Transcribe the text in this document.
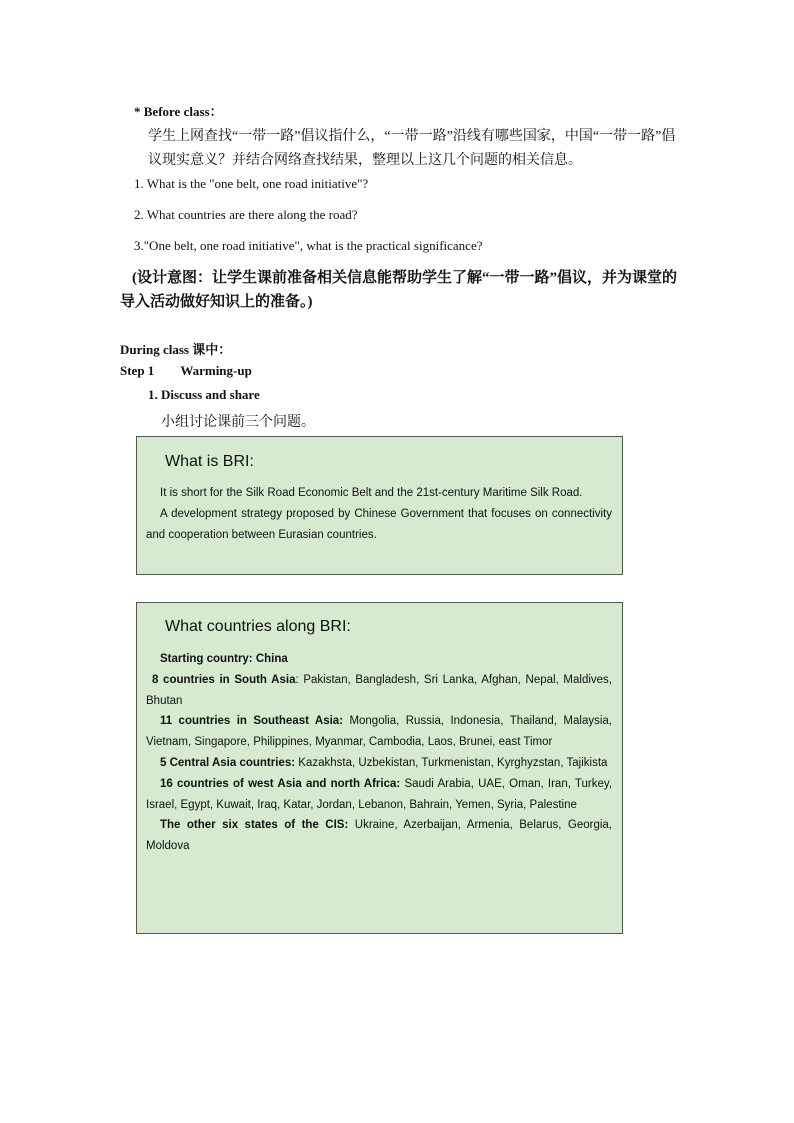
* Before class：
学生上网查找“一带一路”倡议指什么，“一带一路”沿线有哪些国家，中国“一带一路”倡议现实意义？并结合网络查找结果，整理以上这几个问题的相关信息。
1. What is the "one belt, one road initiative"?
2. What countries are there along the road?
3."One belt, one road initiative", what is the practical significance?
(设计意图：让学生课前准备相关信息能帮助学生了解“一带一路”倡议，并为课堂的导入活动做好知识上的准备。)
During class 课中：
Step 1 Warming-up
1. Discuss and share
小组讨论课前三个问题。
What is BRI:

It is short for the Silk Road Economic Belt and the 21st-century Maritime Silk Road.

A development strategy proposed by Chinese Government that focuses on connectivity and cooperation between Eurasian countries.

What countries along BRI:

Starting country: China

8 countries in South Asia: Pakistan, Bangladesh, Sri Lanka, Afghan, Nepal, Maldives, Bhutan

11 countries in Southeast Asia: Mongolia, Russia, Indonesia, Thailand, Malaysia, Vietnam, Singapore, Philippines, Myanmar, Cambodia, Laos, Brunei, east Timor

5 Central Asia countries: Kazakhsta, Uzbekistan, Turkmenistan, Kyrghyzstan, Tajikista

16 countries of west Asia and north Africa: Saudi Arabia, UAE, Oman, Iran, Turkey, Israel, Egypt, Kuwait, Iraq, Katar, Jordan, Lebanon, Bahrain, Yemen, Syria, Palestine

The other six states of the CIS: Ukraine, Azerbaijan, Armenia, Belarus, Georgia, Moldova
